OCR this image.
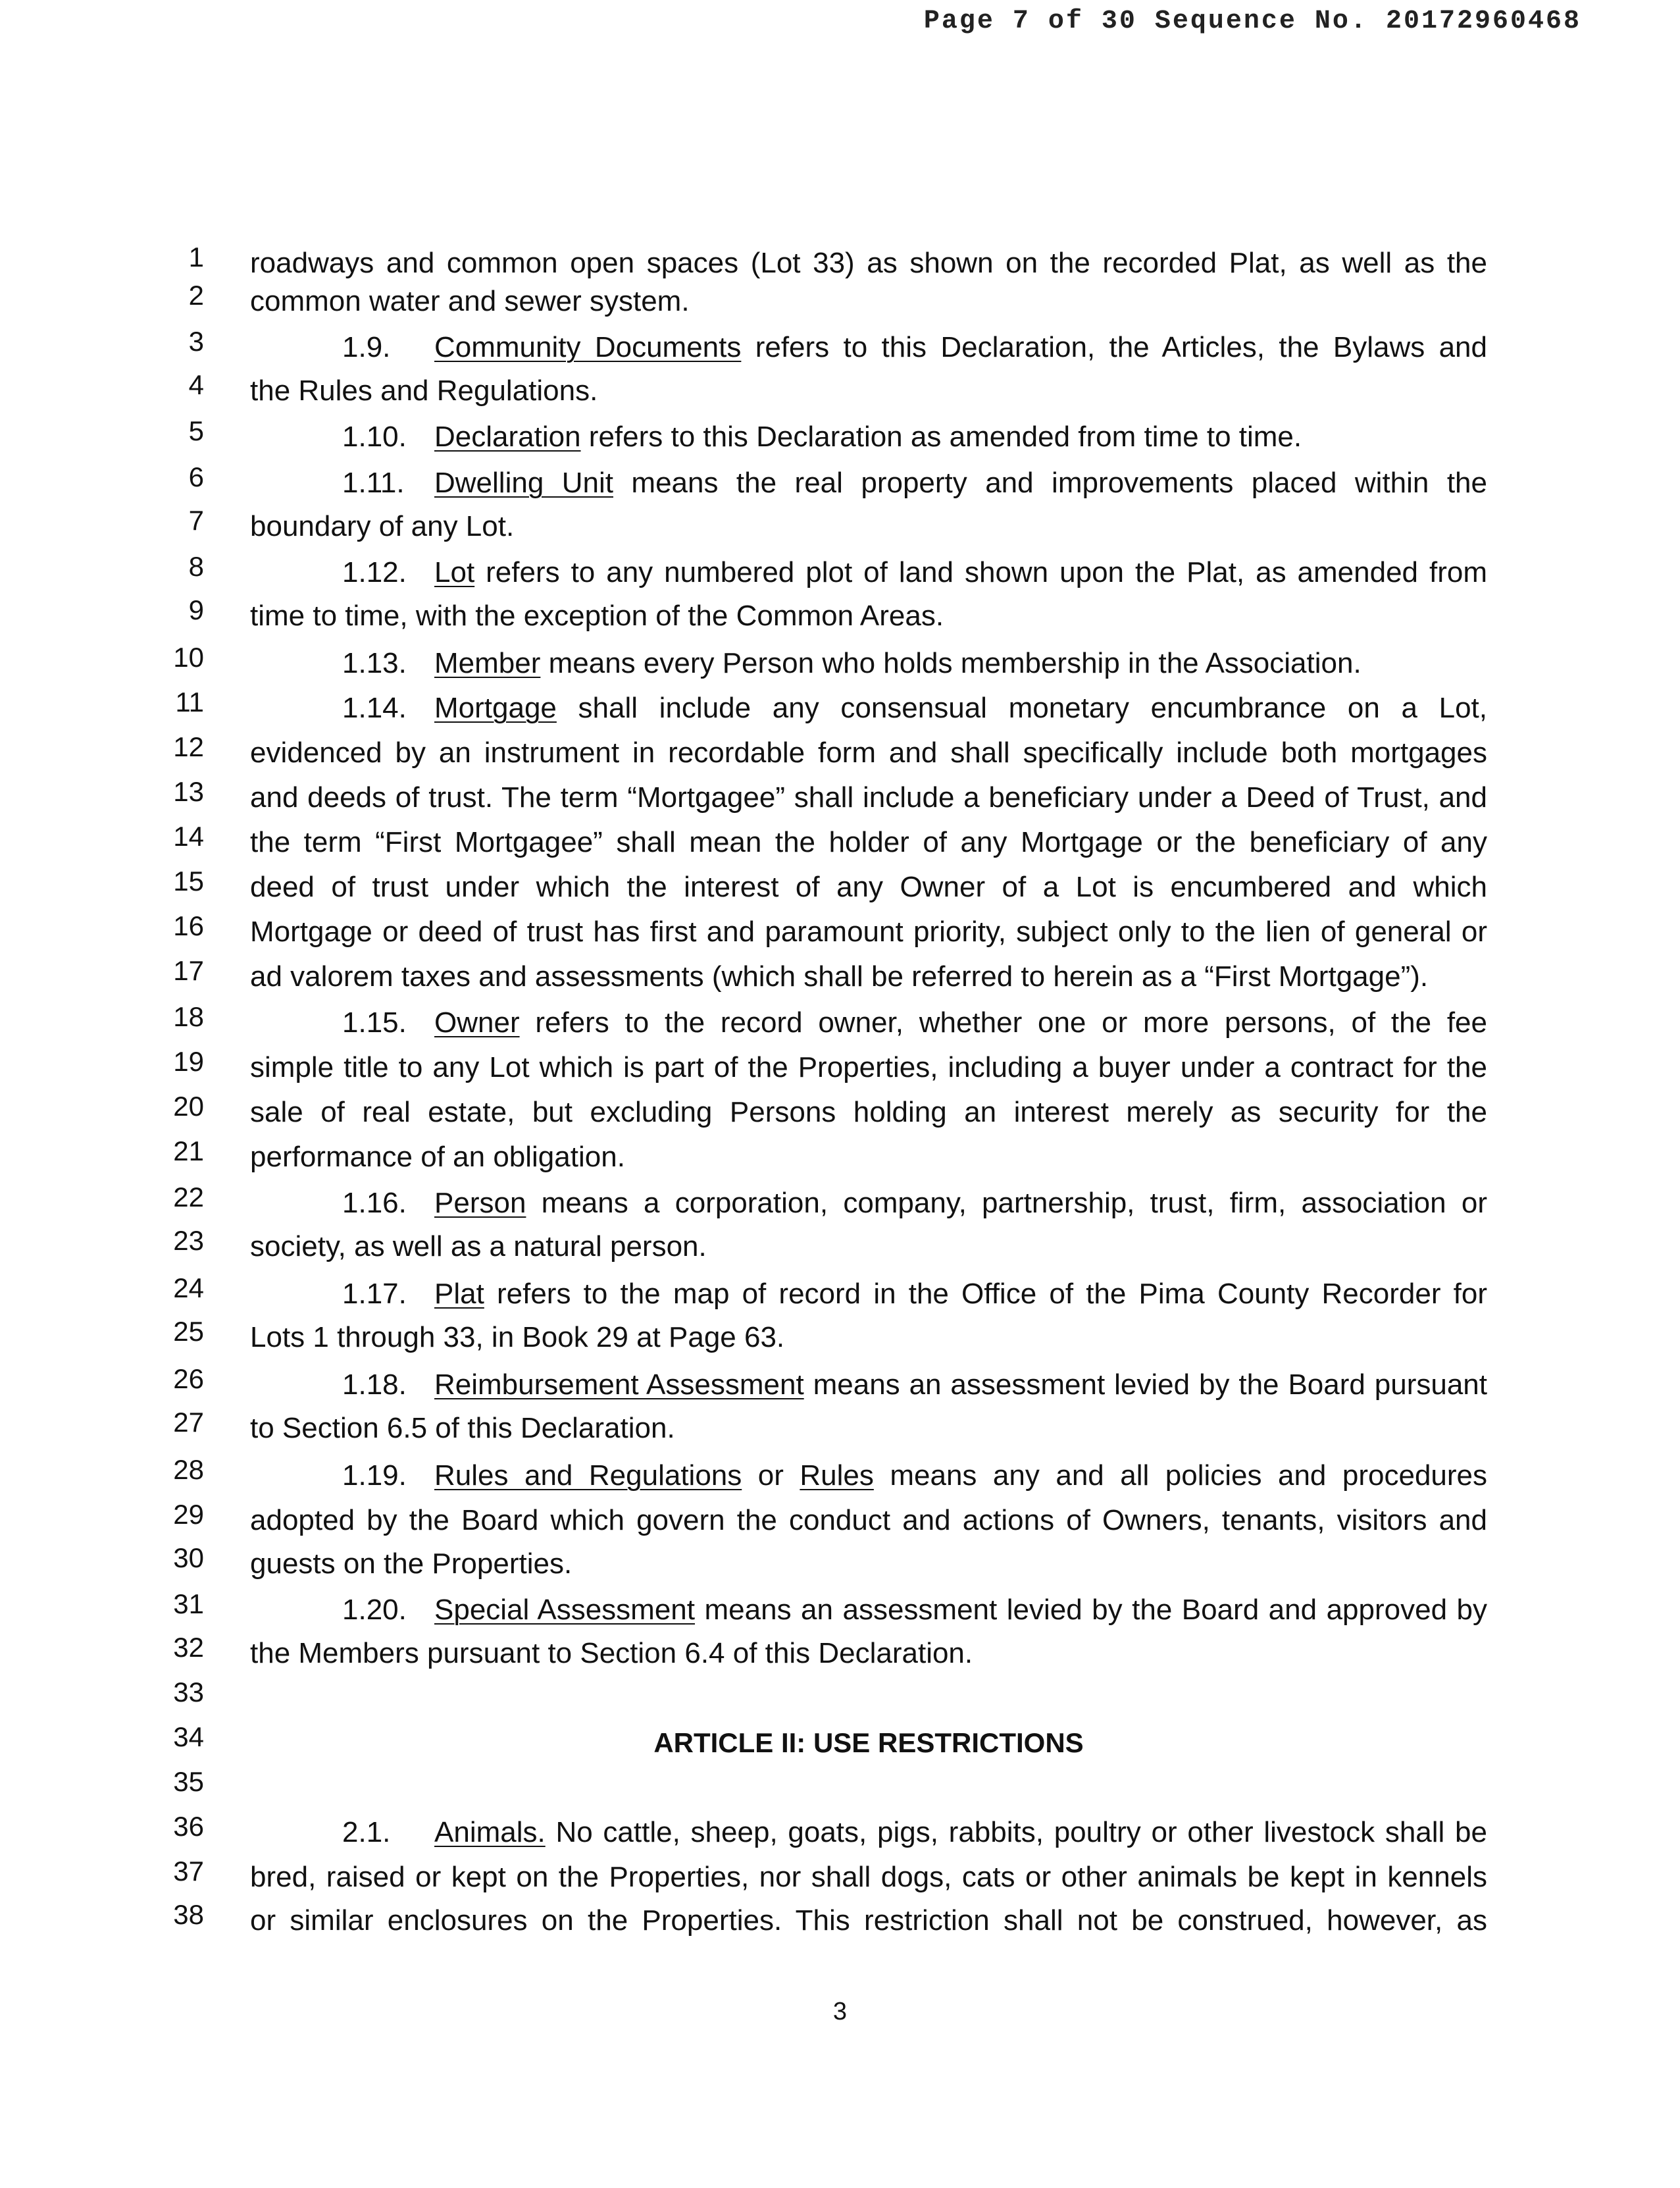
Page 7 of 30 Sequence No. 20172960468
1 roadways and common open spaces (Lot 33) as shown on the recorded Plat, as well as the
2 common water and sewer system.
3	1.9. Community Documents refers to this Declaration, the Articles, the Bylaws and
4 the Rules and Regulations.
5	1.10. Declaration refers to this Declaration as amended from time to time.
6	1.11. Dwelling Unit means the real property and improvements placed within the
7 boundary of any Lot.
8	1.12. Lot refers to any numbered plot of land shown upon the Plat, as amended from
9 time to time, with the exception of the Common Areas.
10	1.13. Member means every Person who holds membership in the Association.
11	1.14. Mortgage shall include any consensual monetary encumbrance on a Lot,
12 evidenced by an instrument in recordable form and shall specifically include both mortgages
13 and deeds of trust. The term “Mortgagee” shall include a beneficiary under a Deed of Trust, and
14 the term “First Mortgagee” shall mean the holder of any Mortgage or the beneficiary of any
15 deed of trust under which the interest of any Owner of a Lot is encumbered and which
16 Mortgage or deed of trust has first and paramount priority, subject only to the lien of general or
17 ad valorem taxes and assessments (which shall be referred to herein as a “First Mortgage”).
18	1.15. Owner refers to the record owner, whether one or more persons, of the fee
19 simple title to any Lot which is part of the Properties, including a buyer under a contract for the
20 sale of real estate, but excluding Persons holding an interest merely as security for the
21 performance of an obligation.
22	1.16. Person means a corporation, company, partnership, trust, firm, association or
23 society, as well as a natural person.
24	1.17. Plat refers to the map of record in the Office of the Pima County Recorder for
25 Lots 1 through 33, in Book 29 at Page 63.
26	1.18. Reimbursement Assessment means an assessment levied by the Board pursuant
27 to Section 6.5 of this Declaration.
28	1.19. Rules and Regulations or Rules means any and all policies and procedures
29 adopted by the Board which govern the conduct and actions of Owners, tenants, visitors and
30 guests on the Properties.
31	1.20. Special Assessment means an assessment levied by the Board and approved by
32 the Members pursuant to Section 6.4 of this Declaration.
33
34	ARTICLE II: USE RESTRICTIONS
35
36	2.1. Animals. No cattle, sheep, goats, pigs, rabbits, poultry or other livestock shall be
37 bred, raised or kept on the Properties, nor shall dogs, cats or other animals be kept in kennels
38 or similar enclosures on the Properties. This restriction shall not be construed, however, as
3
